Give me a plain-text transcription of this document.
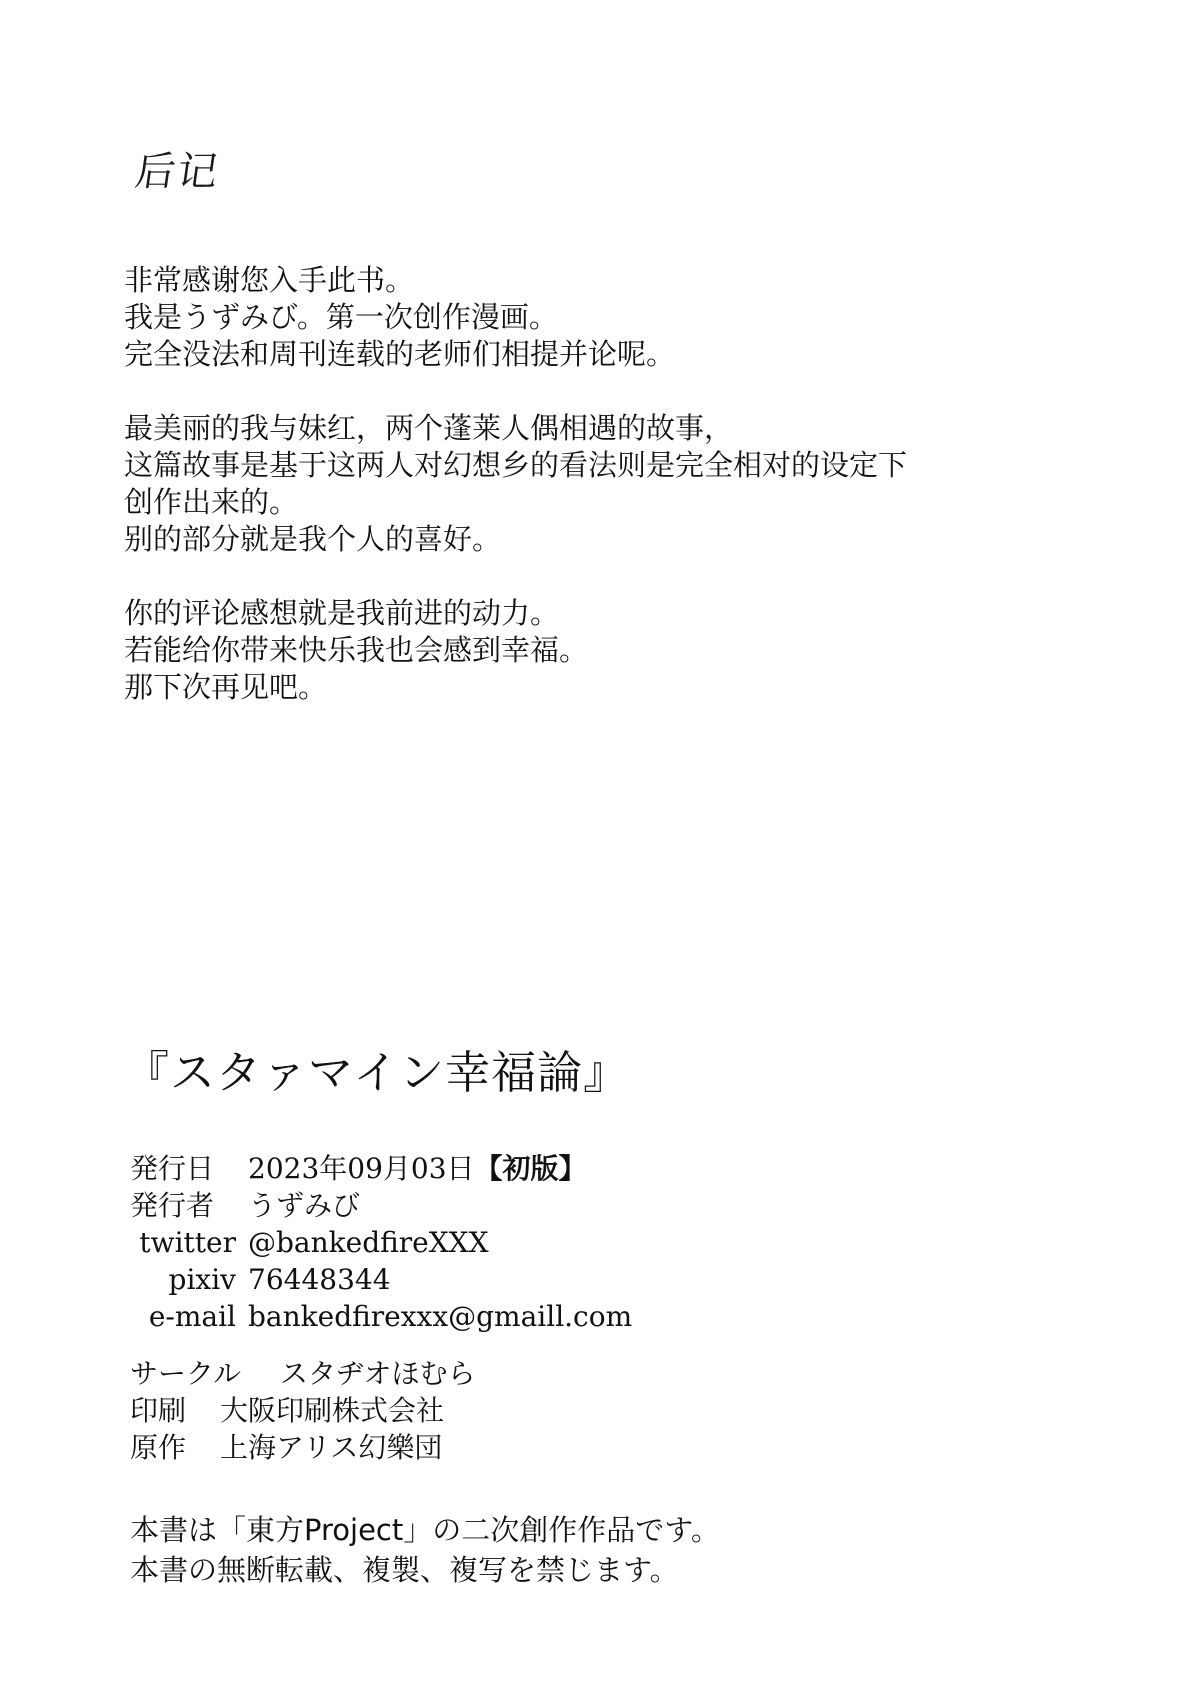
后记
非常感谢您入手此书。
我是うずみび。第一次创作漫画。
完全没法和周刊连载的老师们相提并论呢。
最美丽的我与妹红，两个蓬莱人偶相遇的故事，
这篇故事是基于这两人对幻想乡的看法则是完全相对的设定下
创作出来的。
别的部分就是我个人的喜好。
你的评论感想就是我前进的动力。
若能给你带来快乐我也会感到幸福。
那下次再见吧。
『スタァマイン幸福論』
発行日 2023年09月03日【初版】
発行者 うずみび
twitter @bankedfireXXX
pixiv 76448344
e-mail bankedfirexxx@gmaill.com
サークル スタヂオほむら
印刷 大阪印刷株式会社
原作 上海アリス幻樂団
本書は「東方Project」の二次創作作品です。
本書の無断転載、複製、複写を禁じます。
